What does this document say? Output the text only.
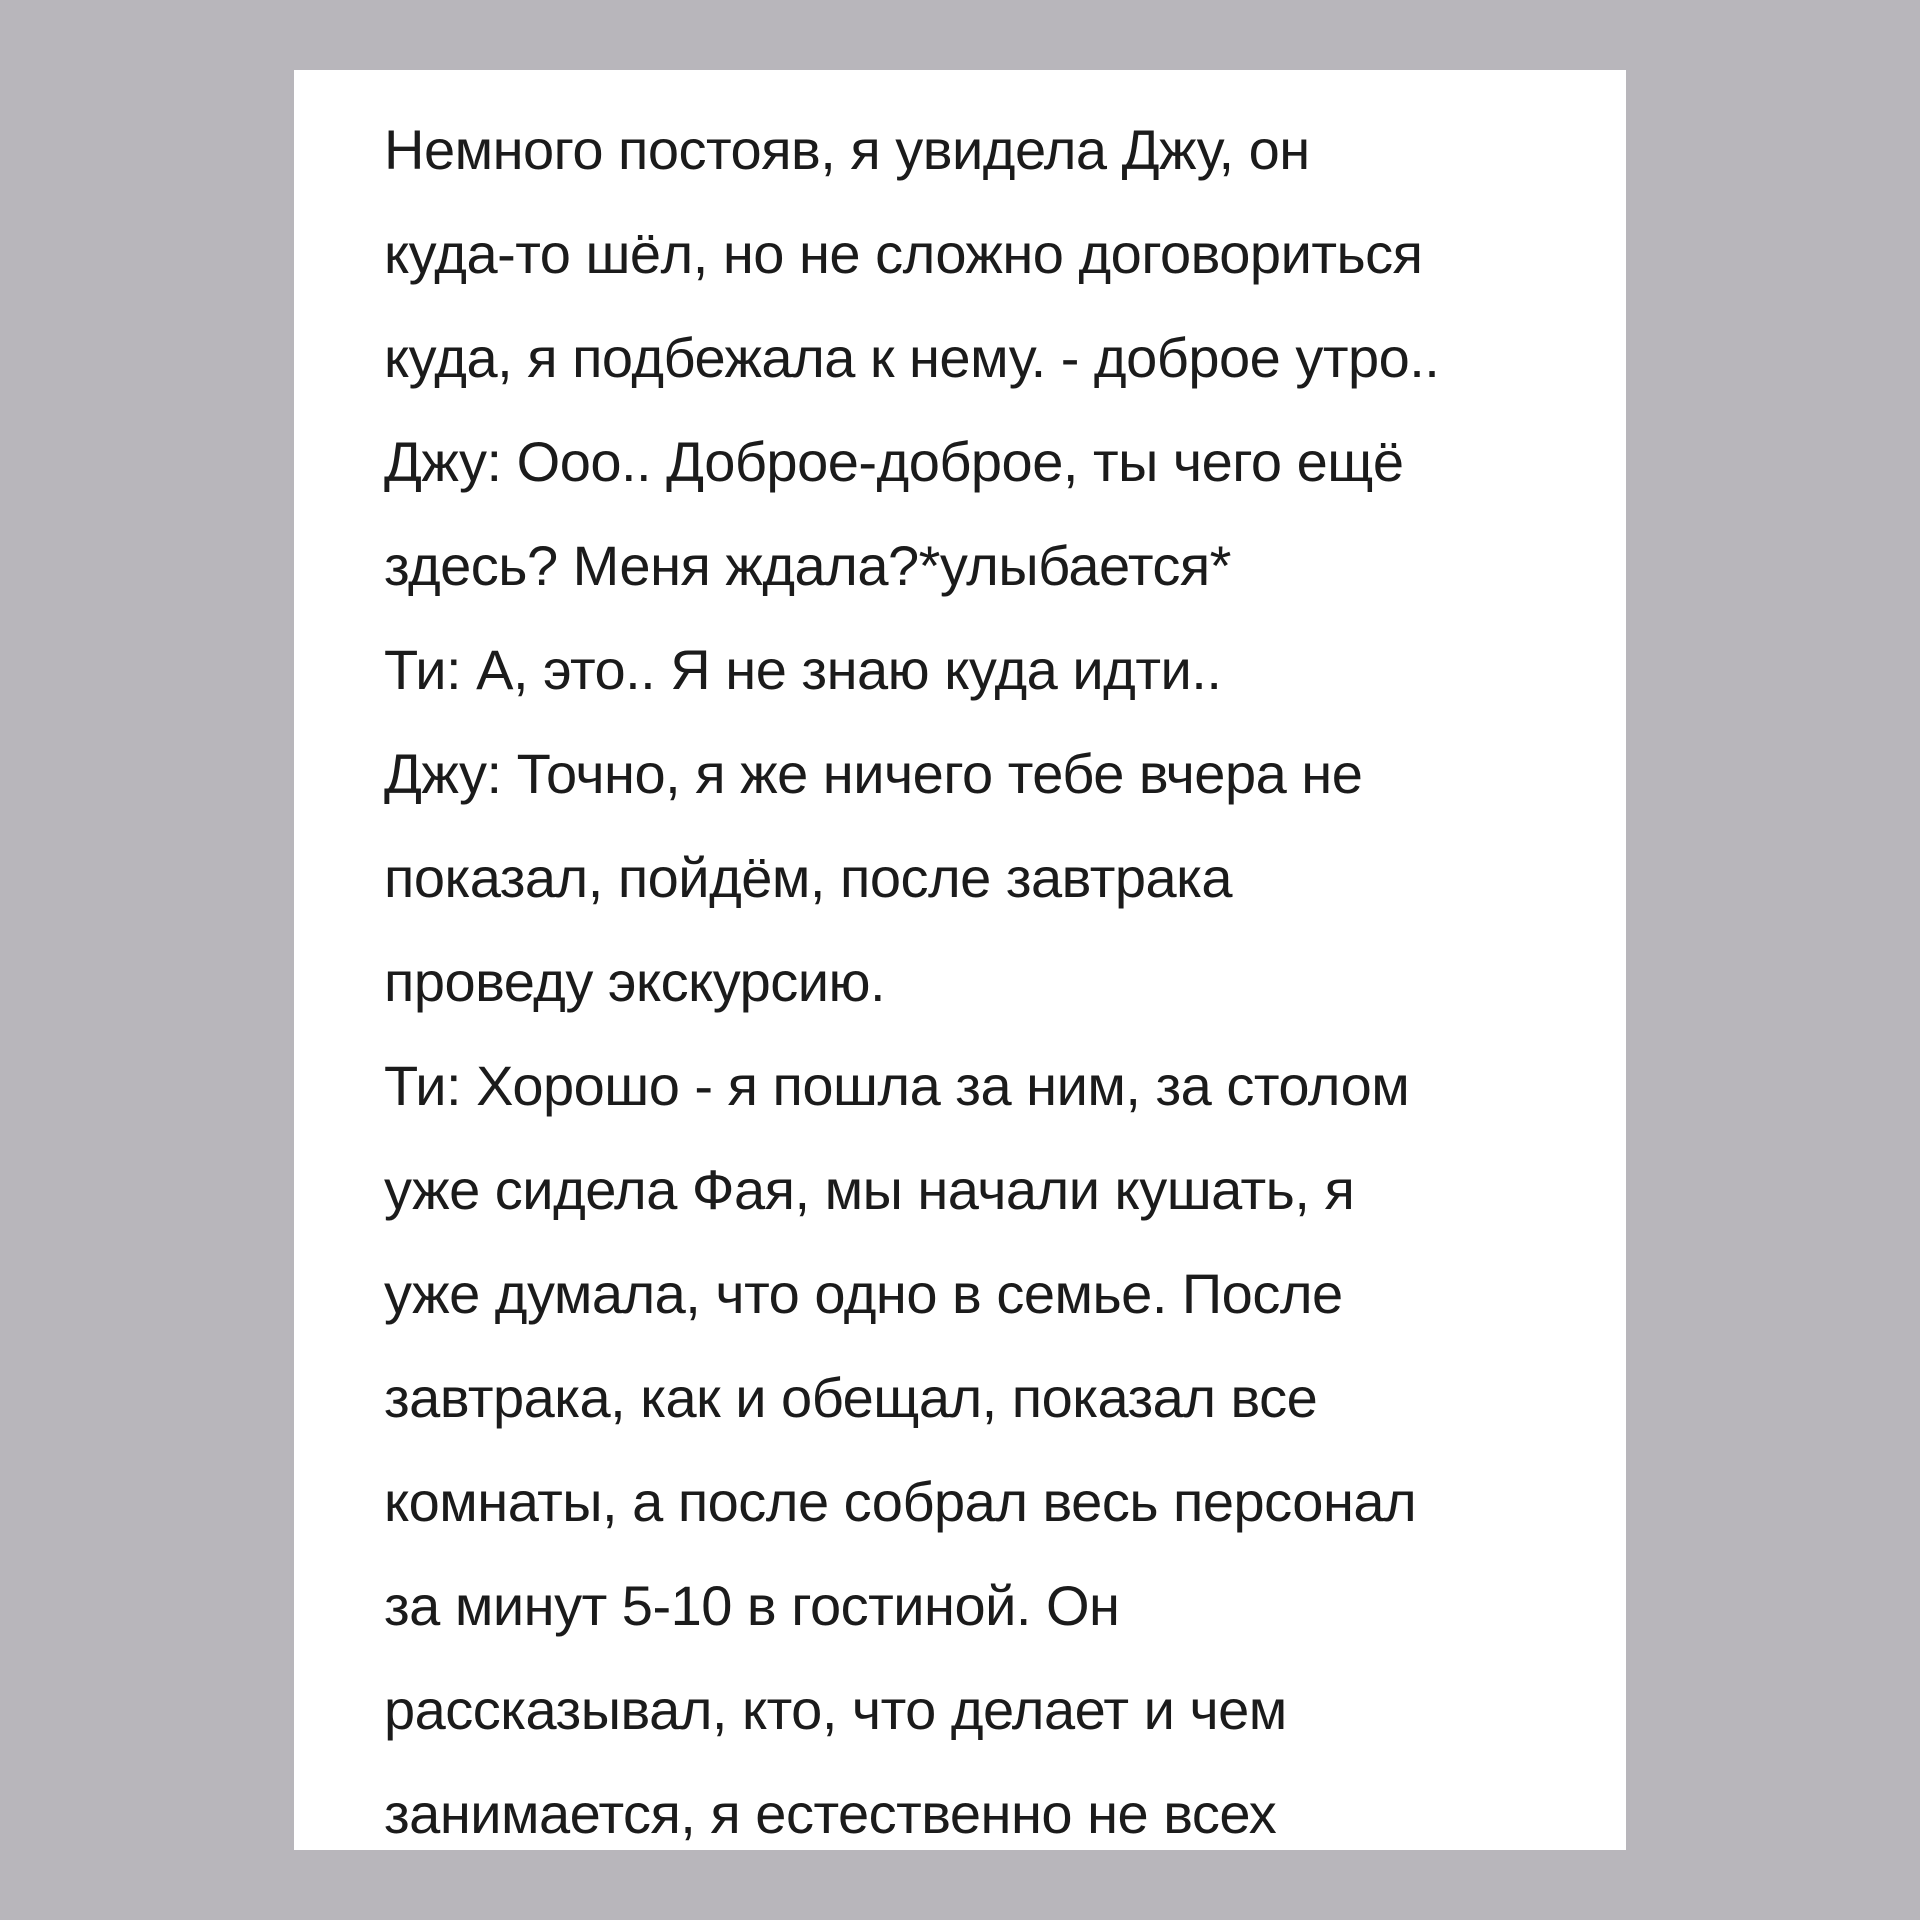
Немного постояв, я увидела Джу, он

куда-то шёл, но не сложно договориться

куда, я подбежала к нему. - доброе утро..

Джу: Ооо.. Доброе-доброе, ты чего ещё

здесь? Меня ждала?*улыбается*

Ти: А, это.. Я не знаю куда идти..

Джу: Точно, я же ничего тебе вчера не

показал, пойдём, после завтрака

проведу экскурсию.

Ти: Хорошо - я пошла за ним, за столом

уже сидела Фая, мы начали кушать, я

уже думала, что одно в семье. После

завтрака, как и обещал, показал все

комнаты, а после собрал весь персонал

за минут 5-10 в гостиной. Он

рассказывал, кто, что делает и чем

занимается, я естественно не всех
